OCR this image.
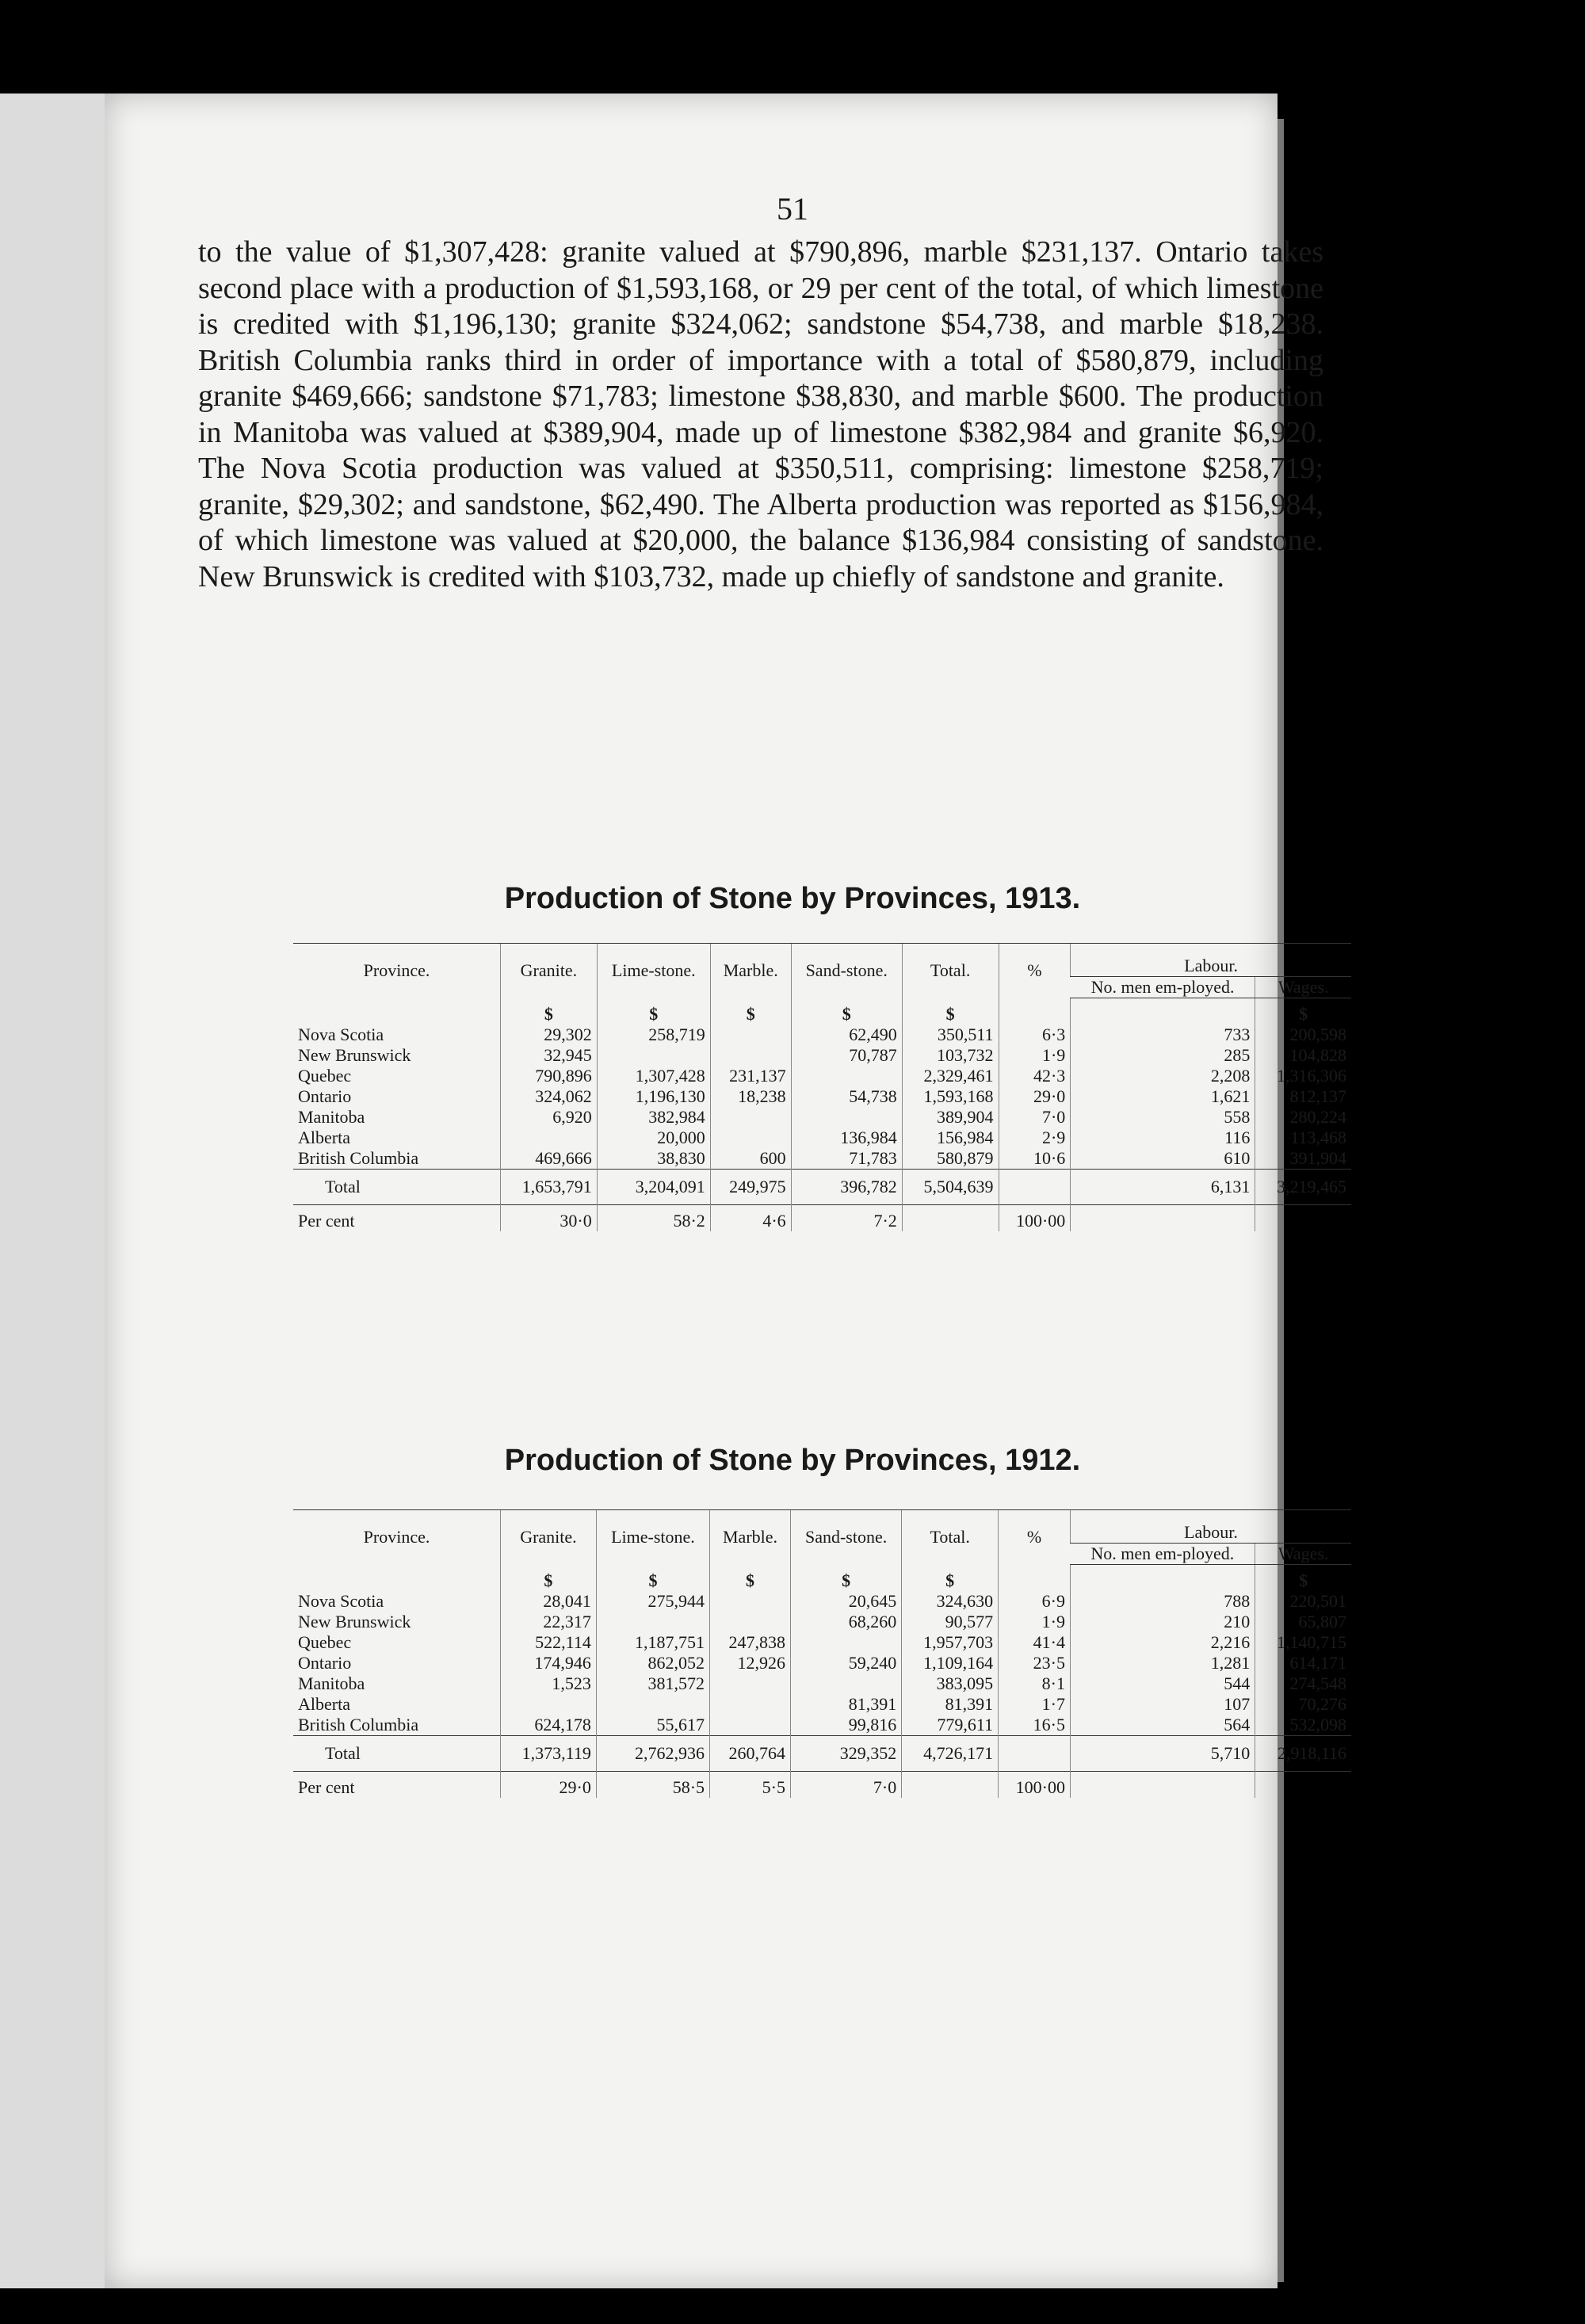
51

to the value of $1,307,428: granite valued at $790,896, marble $231,137. Ontario takes second place with a production of $1,593,168, or 29 per cent of the total, of which limestone is credited with $1,196,130; granite $324,062; sandstone $54,738, and marble $18,238. British Columbia ranks third in order of importance with a total of $580,879, including granite $469,666; sandstone $71,783; limestone $38,830, and marble $600. The production in Manitoba was valued at $389,904, made up of limestone $382,984 and granite $6,920. The Nova Scotia production was valued at $350,511, comprising: limestone $258,719; granite, $29,302; and sandstone, $62,490. The Alberta production was reported as $156,984, of which limestone was valued at $20,000, the balance $136,984 consisting of sandstone. New Brunswick is credited with $103,732, made up chiefly of sandstone and granite.

Production of Stone by Provinces, 1913.
Province.	Granite.	Lime-stone.	Marble.	Sand-stone.	Total.	%	Labour.	
							No. men em-ployed.	Wages.
	$	$	$	$	$			$
Nova Scotia	29,302	258,719		62,490	350,511	6·3	733	200,598
New Brunswick	32,945			70,787	103,732	1·9	285	104,828
Quebec	790,896	1,307,428	231,137		2,329,461	42·3	2,208	1,316,306
Ontario	324,062	1,196,130	18,238	54,738	1,593,168	29·0	1,621	812,137
Manitoba	6,920	382,984			389,904	7·0	558	280,224
Alberta		20,000		136,984	156,984	2·9	116	113,468
British Columbia	469,666	38,830	600	71,783	580,879	10·6	610	391,904
Total	1,653,791	3,204,091	249,975	396,782	5,504,639		6,131	3,219,465
Per cent	30·0	58·2	4·6	7·2		100·00		
Production of Stone by Provinces, 1912.
Province.	Granite.	Lime-stone.	Marble.	Sand-stone.	Total.	%	Labour.	
							No. men em-ployed.	Wages.
	$	$	$	$	$			$
Nova Scotia	28,041	275,944		20,645	324,630	6·9	788	220,501
New Brunswick	22,317			68,260	90,577	1·9	210	65,807
Quebec	522,114	1,187,751	247,838		1,957,703	41·4	2,216	1,140,715
Ontario	174,946	862,052	12,926	59,240	1,109,164	23·5	1,281	614,171
Manitoba	1,523	381,572			383,095	8·1	544	274,548
Alberta				81,391	81,391	1·7	107	70,276
British Columbia	624,178	55,617		99,816	779,611	16·5	564	532,098
Total	1,373,119	2,762,936	260,764	329,352	4,726,171		5,710	2,918,116
Per cent	29·0	58·5	5·5	7·0		100·00		
